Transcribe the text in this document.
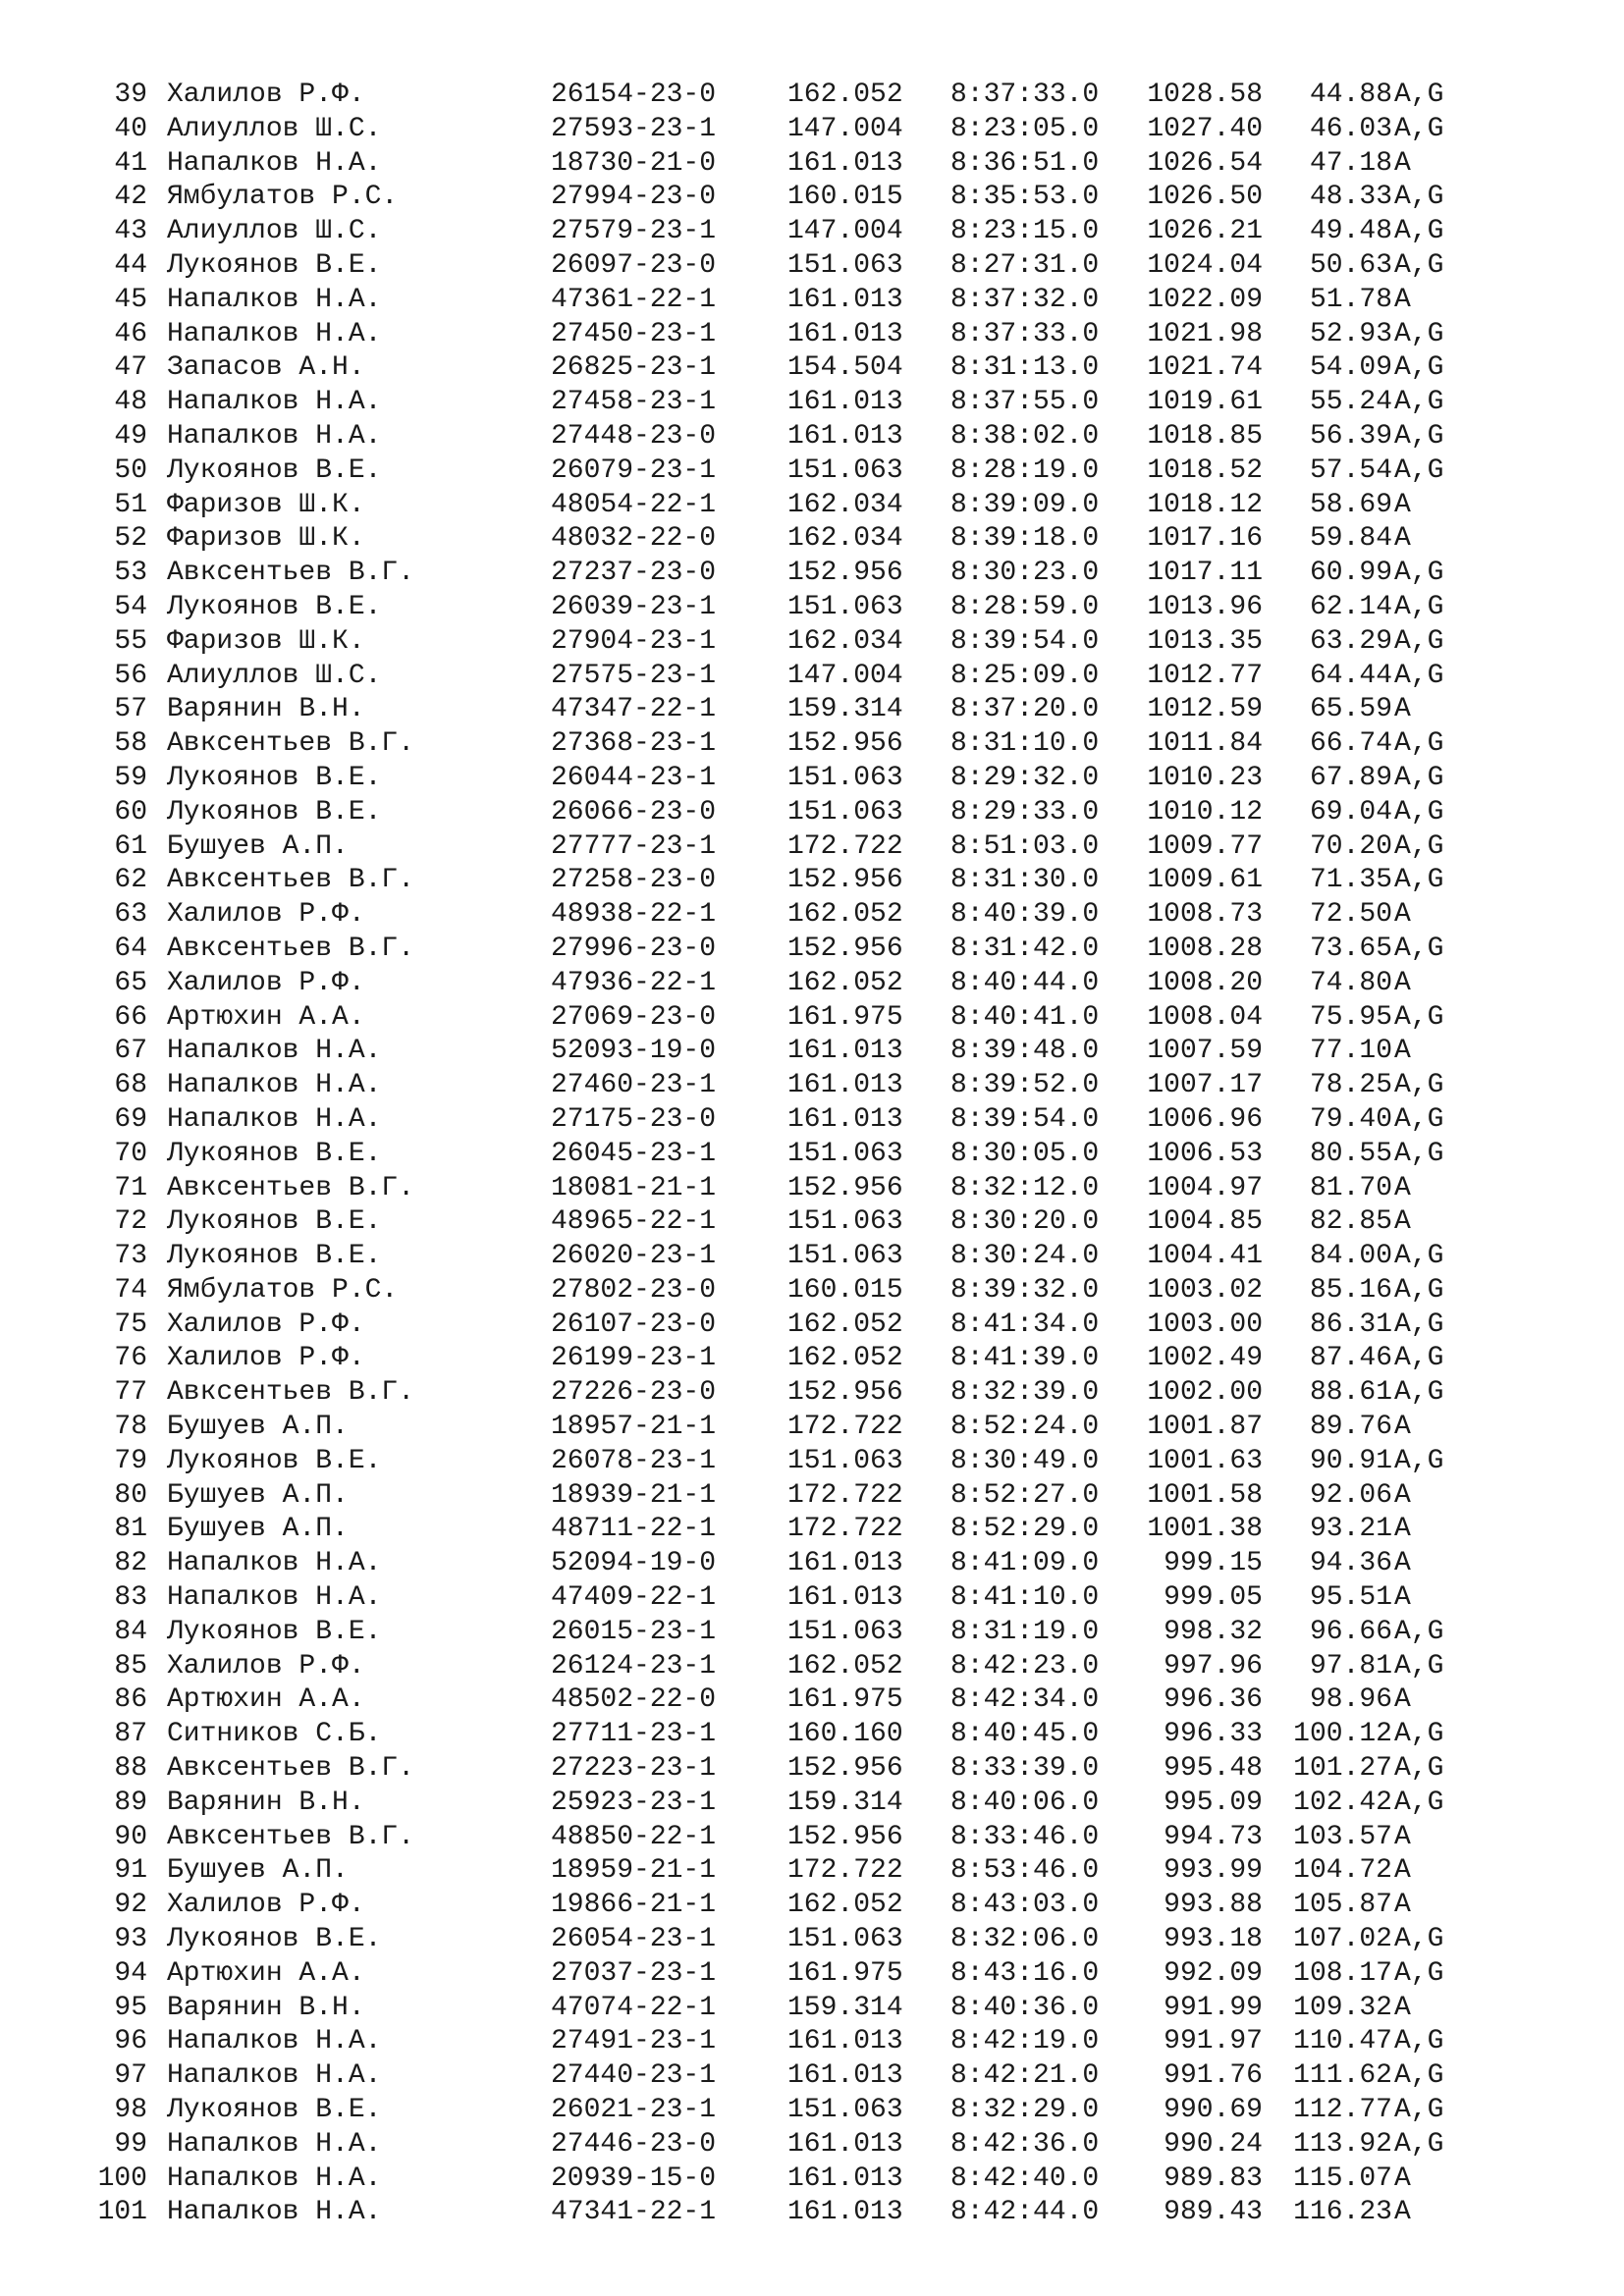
39 Халилов Р.Ф.	26154-23-0	162.052 8:37:33.0	1028.58	44.88 A,G
40 Алиуллов Ш.С.	27593-23-1	147.004 8:23:05.0	1027.40	46.03 A,G
41 Напалков Н.А.	18730-21-0	161.013 8:36:51.0	1026.54	47.18 A
42 Ямбулатов Р.С.	27994-23-0	160.015 8:35:53.0	1026.50	48.33 A,G
43 Алиуллов Ш.С.	27579-23-1	147.004 8:23:15.0	1026.21	49.48 A,G
44 Лукоянов В.Е.	26097-23-0	151.063 8:27:31.0	1024.04	50.63 A,G
45 Напалков Н.А.	47361-22-1	161.013 8:37:32.0	1022.09	51.78 A
46 Напалков Н.А.	27450-23-1	161.013 8:37:33.0	1021.98	52.93 A,G
47 Запасов А.Н.	26825-23-1	154.504 8:31:13.0	1021.74	54.09 A,G
48 Напалков Н.А.	27458-23-1	161.013 8:37:55.0	1019.61	55.24 A,G
49 Напалков Н.А.	27448-23-0	161.013 8:38:02.0	1018.85	56.39 A,G
50 Лукоянов В.Е.	26079-23-1	151.063 8:28:19.0	1018.52	57.54 A,G
51 Фаризов Ш.К.	48054-22-1	162.034 8:39:09.0	1018.12	58.69 A
52 Фаризов Ш.К.	48032-22-0	162.034 8:39:18.0	1017.16	59.84 A
53 Авксентьев В.Г.	27237-23-0	152.956 8:30:23.0	1017.11	60.99 A,G
54 Лукоянов В.Е.	26039-23-1	151.063 8:28:59.0	1013.96	62.14 A,G
55 Фаризов Ш.К.	27904-23-1	162.034 8:39:54.0	1013.35	63.29 A,G
56 Алиуллов Ш.С.	27575-23-1	147.004 8:25:09.0	1012.77	64.44 A,G
57 Варянин В.Н.	47347-22-1	159.314 8:37:20.0	1012.59	65.59 A
58 Авксентьев В.Г.	27368-23-1	152.956 8:31:10.0	1011.84	66.74 A,G
59 Лукоянов В.Е.	26044-23-1	151.063 8:29:32.0	1010.23	67.89 A,G
60 Лукоянов В.Е.	26066-23-0	151.063 8:29:33.0	1010.12	69.04 A,G
61 Бушуев А.П.	27777-23-1	172.722 8:51:03.0	1009.77	70.20 A,G
62 Авксентьев В.Г.	27258-23-0	152.956 8:31:30.0	1009.61	71.35 A,G
63 Халилов Р.Ф.	48938-22-1	162.052 8:40:39.0	1008.73	72.50 A
64 Авксентьев В.Г.	27996-23-0	152.956 8:31:42.0	1008.28	73.65 A,G
65 Халилов Р.Ф.	47936-22-1	162.052 8:40:44.0	1008.20	74.80 A
66 Артюхин А.А.	27069-23-0	161.975 8:40:41.0	1008.04	75.95 A,G
67 Напалков Н.А.	52093-19-0	161.013 8:39:48.0	1007.59	77.10 A
68 Напалков Н.А.	27460-23-1	161.013 8:39:52.0	1007.17	78.25 A,G
69 Напалков Н.А.	27175-23-0	161.013 8:39:54.0	1006.96	79.40 A,G
70 Лукоянов В.Е.	26045-23-1	151.063 8:30:05.0	1006.53	80.55 A,G
71 Авксентьев В.Г.	18081-21-1	152.956 8:32:12.0	1004.97	81.70 A
72 Лукоянов В.Е.	48965-22-1	151.063 8:30:20.0	1004.85	82.85 A
73 Лукоянов В.Е.	26020-23-1	151.063 8:30:24.0	1004.41	84.00 A,G
74 Ямбулатов Р.С.	27802-23-0	160.015 8:39:32.0	1003.02	85.16 A,G
75 Халилов Р.Ф.	26107-23-0	162.052 8:41:34.0	1003.00	86.31 A,G
76 Халилов Р.Ф.	26199-23-1	162.052 8:41:39.0	1002.49	87.46 A,G
77 Авксентьев В.Г.	27226-23-0	152.956 8:32:39.0	1002.00	88.61 A,G
78 Бушуев А.П.	18957-21-1	172.722 8:52:24.0	1001.87	89.76 A
79 Лукоянов В.Е.	26078-23-1	151.063 8:30:49.0	1001.63	90.91 A,G
80 Бушуев А.П.	18939-21-1	172.722 8:52:27.0	1001.58	92.06 A
81 Бушуев А.П.	48711-22-1	172.722 8:52:29.0	1001.38	93.21 A
82 Напалков Н.А.	52094-19-0	161.013 8:41:09.0	999.15	94.36 A
83 Напалков Н.А.	47409-22-1	161.013 8:41:10.0	999.05	95.51 A
84 Лукоянов В.Е.	26015-23-1	151.063 8:31:19.0	998.32	96.66 A,G
85 Халилов Р.Ф.	26124-23-1	162.052 8:42:23.0	997.96	97.81 A,G
86 Артюхин А.А.	48502-22-0	161.975 8:42:34.0	996.36	98.96 A
87 Ситников С.Б.	27711-23-1	160.160 8:40:45.0	996.33	100.12 A,G
88 Авксентьев В.Г.	27223-23-1	152.956 8:33:39.0	995.48	101.27 A,G
89 Варянин В.Н.	25923-23-1	159.314 8:40:06.0	995.09	102.42 A,G
90 Авксентьев В.Г.	48850-22-1	152.956 8:33:46.0	994.73	103.57 A
91 Бушуев А.П.	18959-21-1	172.722 8:53:46.0	993.99	104.72 A
92 Халилов Р.Ф.	19866-21-1	162.052 8:43:03.0	993.88	105.87 A
93 Лукоянов В.Е.	26054-23-1	151.063 8:32:06.0	993.18	107.02 A,G
94 Артюхин А.А.	27037-23-1	161.975 8:43:16.0	992.09	108.17 A,G
95 Варянин В.Н.	47074-22-1	159.314 8:40:36.0	991.99	109.32 A
96 Напалков Н.А.	27491-23-1	161.013 8:42:19.0	991.97	110.47 A,G
97 Напалков Н.А.	27440-23-1	161.013 8:42:21.0	991.76	111.62 A,G
98 Лукоянов В.Е.	26021-23-1	151.063 8:32:29.0	990.69	112.77 A,G
99 Напалков Н.А.	27446-23-0	161.013 8:42:36.0	990.24	113.92 A,G
100 Напалков Н.А.	20939-15-0	161.013 8:42:40.0	989.83	115.07 A
101 Напалков Н.А.	47341-22-1	161.013 8:42:44.0	989.43	116.23 A
